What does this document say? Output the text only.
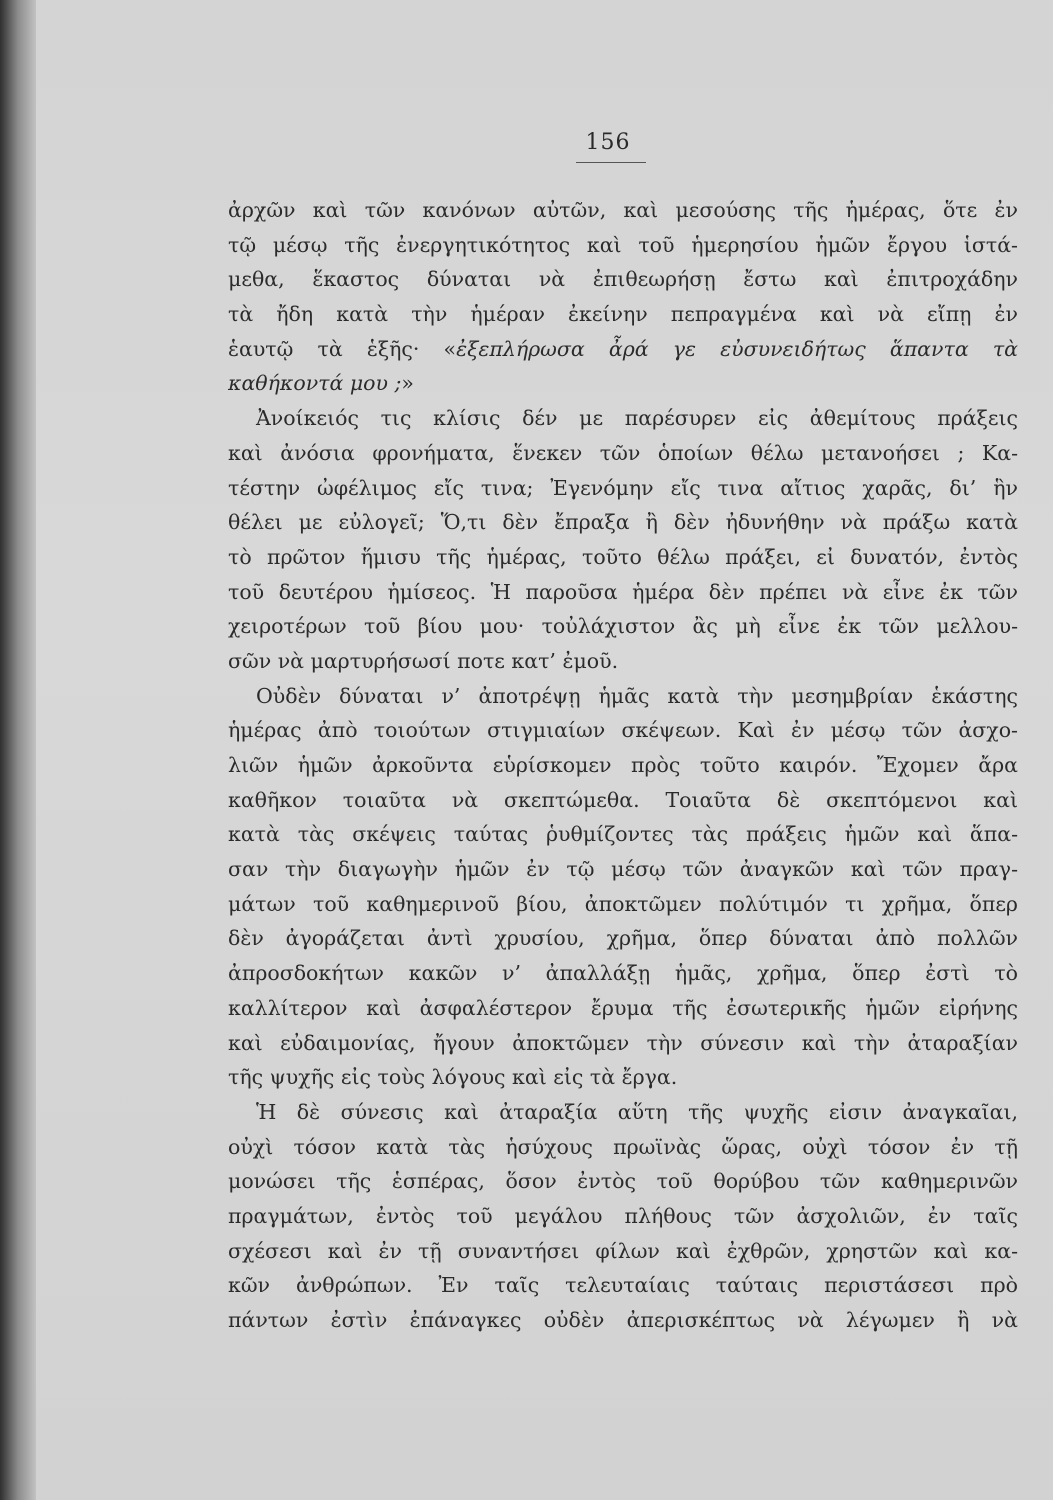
156
ἀρχῶν καὶ τῶν κανόνων αὐτῶν, καὶ μεσούσης τῆς ἡμέρας, ὅτε ἐν
τῷ μέσῳ τῆς ἐνεργητικότητος καὶ τοῦ ἡμερησίου ἡμῶν ἔργου ἱστά-
μεθα, ἕκαστος δύναται νὰ ἐπιθεωρήσῃ ἔστω καὶ ἐπιτροχάδην
τὰ ἤδη κατὰ τὴν ἡμέραν ἐκείνην πεπραγμένα καὶ νὰ εἴπῃ ἐν
ἑαυτῷ τὰ ἑξῆς· «ἐξεπλήρωσα ἆρά γε εὐσυνειδήτως ἅπαντα τὰ
καθήκοντά μου ;»
Ἀνοίκειός τις κλίσις δέν με παρέσυρεν εἰς ἀθεμίτους πράξεις
καὶ ἀνόσια φρονήματα, ἕνεκεν τῶν ὁποίων θέλω μετανοήσει ; Κα-
τέστην ὠφέλιμος εἴς τινα; Ἐγενόμην εἴς τινα αἴτιος χαρᾶς, δι’ ἣν
θέλει με εὐλογεῖ; Ὅ,τι δὲν ἔπραξα ἢ δὲν ἠδυνήθην νὰ πράξω κατὰ
τὸ πρῶτον ἥμισυ τῆς ἡμέρας, τοῦτο θέλω πράξει, εἰ δυνατόν, ἐντὸς
τοῦ δευτέρου ἡμίσεος. Ἡ παροῦσα ἡμέρα δὲν πρέπει νὰ εἶνε ἐκ τῶν
χειροτέρων τοῦ βίου μου· τοὐλάχιστον ἂς μὴ εἶνε ἐκ τῶν μελλου-
σῶν νὰ μαρτυρήσωσί ποτε κατ’ ἐμοῦ.
Οὐδὲν δύναται ν’ ἀποτρέψῃ ἡμᾶς κατὰ τὴν μεσημβρίαν ἑκάστης
ἡμέρας ἀπὸ τοιούτων στιγμιαίων σκέψεων. Καὶ ἐν μέσῳ τῶν ἀσχο-
λιῶν ἡμῶν ἀρκοῦντα εὑρίσκομεν πρὸς τοῦτο καιρόν. Ἔχομεν ἄρα
καθῆκον τοιαῦτα νὰ σκεπτώμεθα. Τοιαῦτα δὲ σκεπτόμενοι καὶ
κατὰ τὰς σκέψεις ταύτας ῥυθμίζοντες τὰς πράξεις ἡμῶν καὶ ἅπα-
σαν τὴν διαγωγὴν ἡμῶν ἐν τῷ μέσῳ τῶν ἀναγκῶν καὶ τῶν πραγ-
μάτων τοῦ καθημερινοῦ βίου, ἀποκτῶμεν πολύτιμόν τι χρῆμα, ὅπερ
δὲν ἀγοράζεται ἀντὶ χρυσίου, χρῆμα, ὅπερ δύναται ἀπὸ πολλῶν
ἀπροσδοκήτων κακῶν ν’ ἀπαλλάξῃ ἡμᾶς, χρῆμα, ὅπερ ἐστὶ τὸ
καλλίτερον καὶ ἀσφαλέστερον ἔρυμα τῆς ἐσωτερικῆς ἡμῶν εἰρήνης
καὶ εὐδαιμονίας, ἤγουν ἀποκτῶμεν τὴν σύνεσιν καὶ τὴν ἀταραξίαν
τῆς ψυχῆς εἰς τοὺς λόγους καὶ εἰς τὰ ἔργα.
Ἡ δὲ σύνεσις καὶ ἀταραξία αὕτη τῆς ψυχῆς εἰσιν ἀναγκαῖαι,
οὐχὶ τόσον κατὰ τὰς ἡσύχους πρωϊνὰς ὥρας, οὐχὶ τόσον ἐν τῇ
μονώσει τῆς ἑσπέρας, ὅσον ἐντὸς τοῦ θορύβου τῶν καθημερινῶν
πραγμάτων, ἐντὸς τοῦ μεγάλου πλήθους τῶν ἀσχολιῶν, ἐν ταῖς
σχέσεσι καὶ ἐν τῇ συναντήσει φίλων καὶ ἐχθρῶν, χρηστῶν καὶ κα-
κῶν ἀνθρώπων. Ἐν ταῖς τελευταίαις ταύταις περιστάσεσι πρὸ
πάντων ἐστὶν ἐπάναγκες οὐδὲν ἀπερισκέπτως νὰ λέγωμεν ἢ νὰ
